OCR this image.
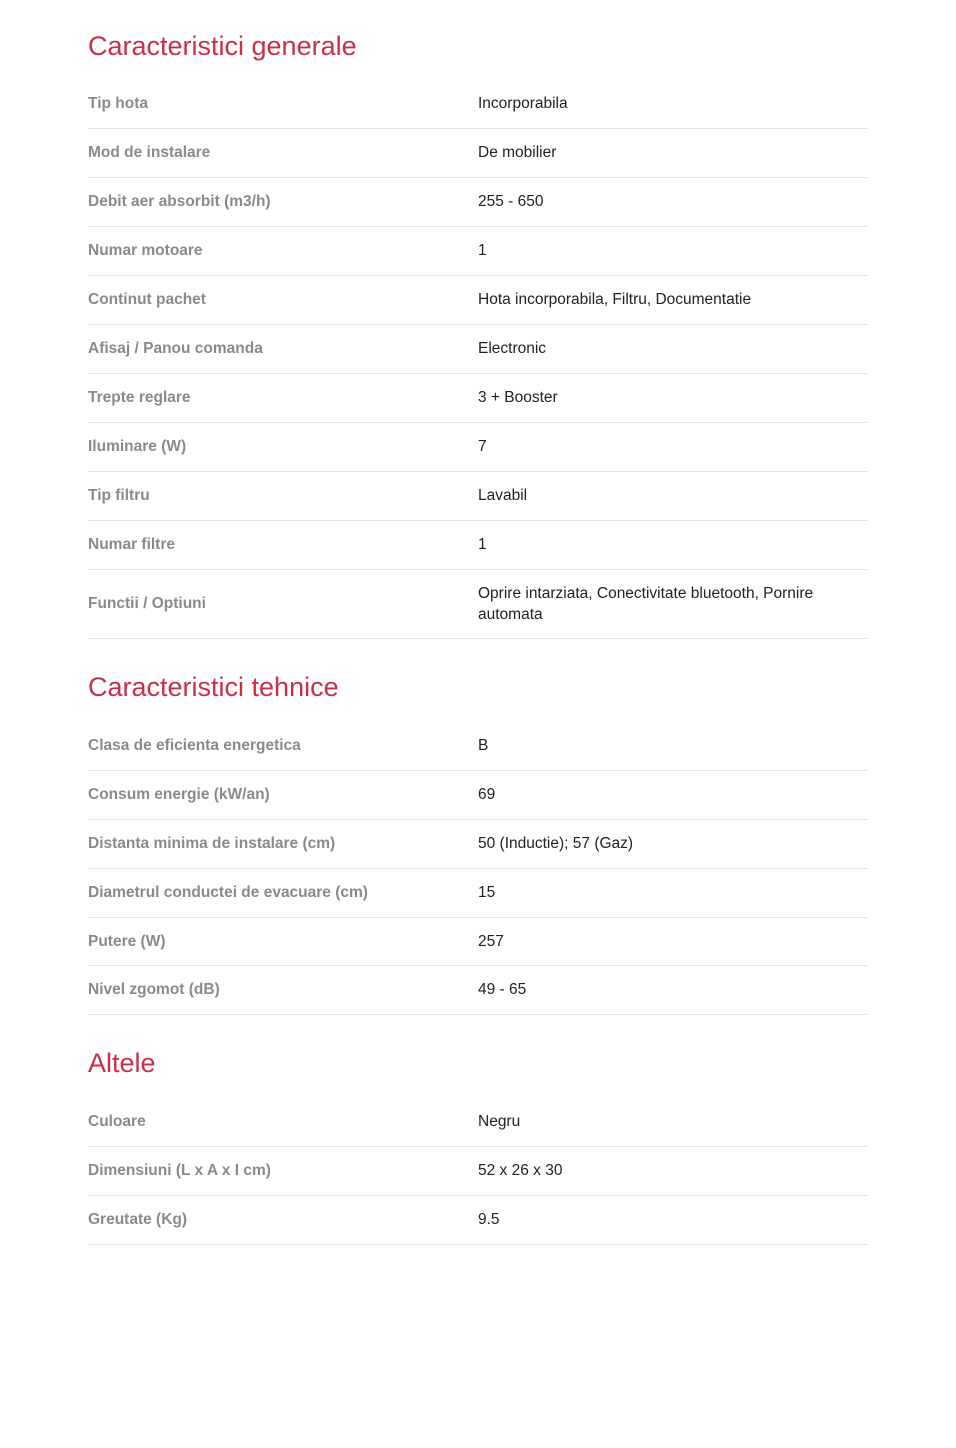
Caracteristici generale
Tip hota	Incorporabila
Mod de instalare	De mobilier
Debit aer absorbit (m3/h)	255 - 650
Numar motoare	1
Continut pachet	Hota incorporabila, Filtru, Documentatie
Afisaj / Panou comanda	Electronic
Trepte reglare	3 + Booster
Iluminare (W)	7
Tip filtru	Lavabil
Numar filtre	1
Functii / Optiuni	Oprire intarziata, Conectivitate bluetooth, Pornire automata
Caracteristici tehnice
Clasa de eficienta energetica	B
Consum energie (kW/an)	69
Distanta minima de instalare (cm)	50 (Inductie); 57 (Gaz)
Diametrul conductei de evacuare (cm)	15
Putere (W)	257
Nivel zgomot (dB)	49 - 65
Altele
Culoare	Negru
Dimensiuni (L x A x I cm)	52 x 26 x 30
Greutate (Kg)	9.5
